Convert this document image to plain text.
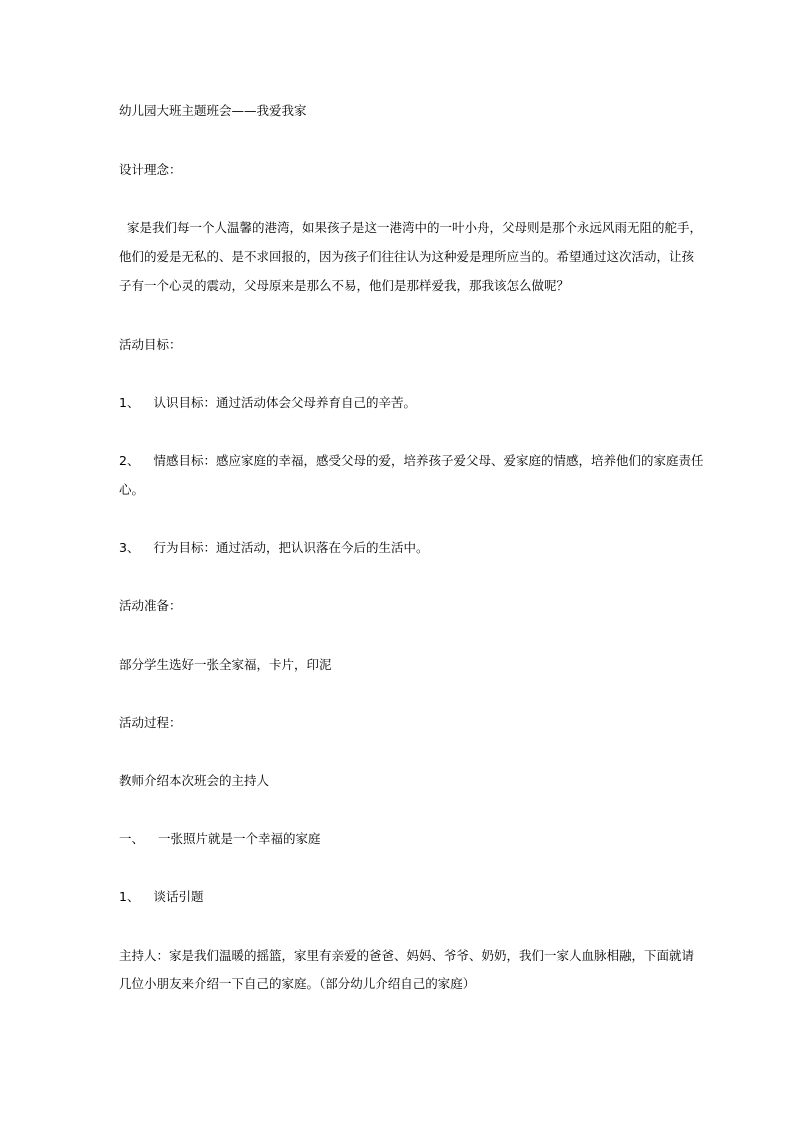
幼儿园大班主题班会——我爱我家
设计理念：
家是我们每一个人温馨的港湾，如果孩子是这一港湾中的一叶小舟，父母则是那个永远风雨无阻的舵手，
他们的爱是无私的、是不求回报的，因为孩子们往往认为这种爱是理所应当的。希望通过这次活动，让孩
子有一个心灵的震动，父母原来是那么不易，他们是那样爱我，那我该怎么做呢？
活动目标：
1、 认识目标：通过活动体会父母养育自己的辛苦。
2、 情感目标：感应家庭的幸福，感受父母的爱，培养孩子爱父母、爱家庭的情感，培养他们的家庭责任
心。
3、 行为目标：通过活动，把认识落在今后的生活中。
活动准备：
部分学生选好一张全家福，卡片，印泥
活动过程：
教师介绍本次班会的主持人
一、 一张照片就是一个幸福的家庭
1、 谈话引题
主持人：家是我们温暖的摇篮，家里有亲爱的爸爸、妈妈、爷爷、奶奶，我们一家人血脉相融，下面就请
几位小朋友来介绍一下自己的家庭。（部分幼儿介绍自己的家庭）
